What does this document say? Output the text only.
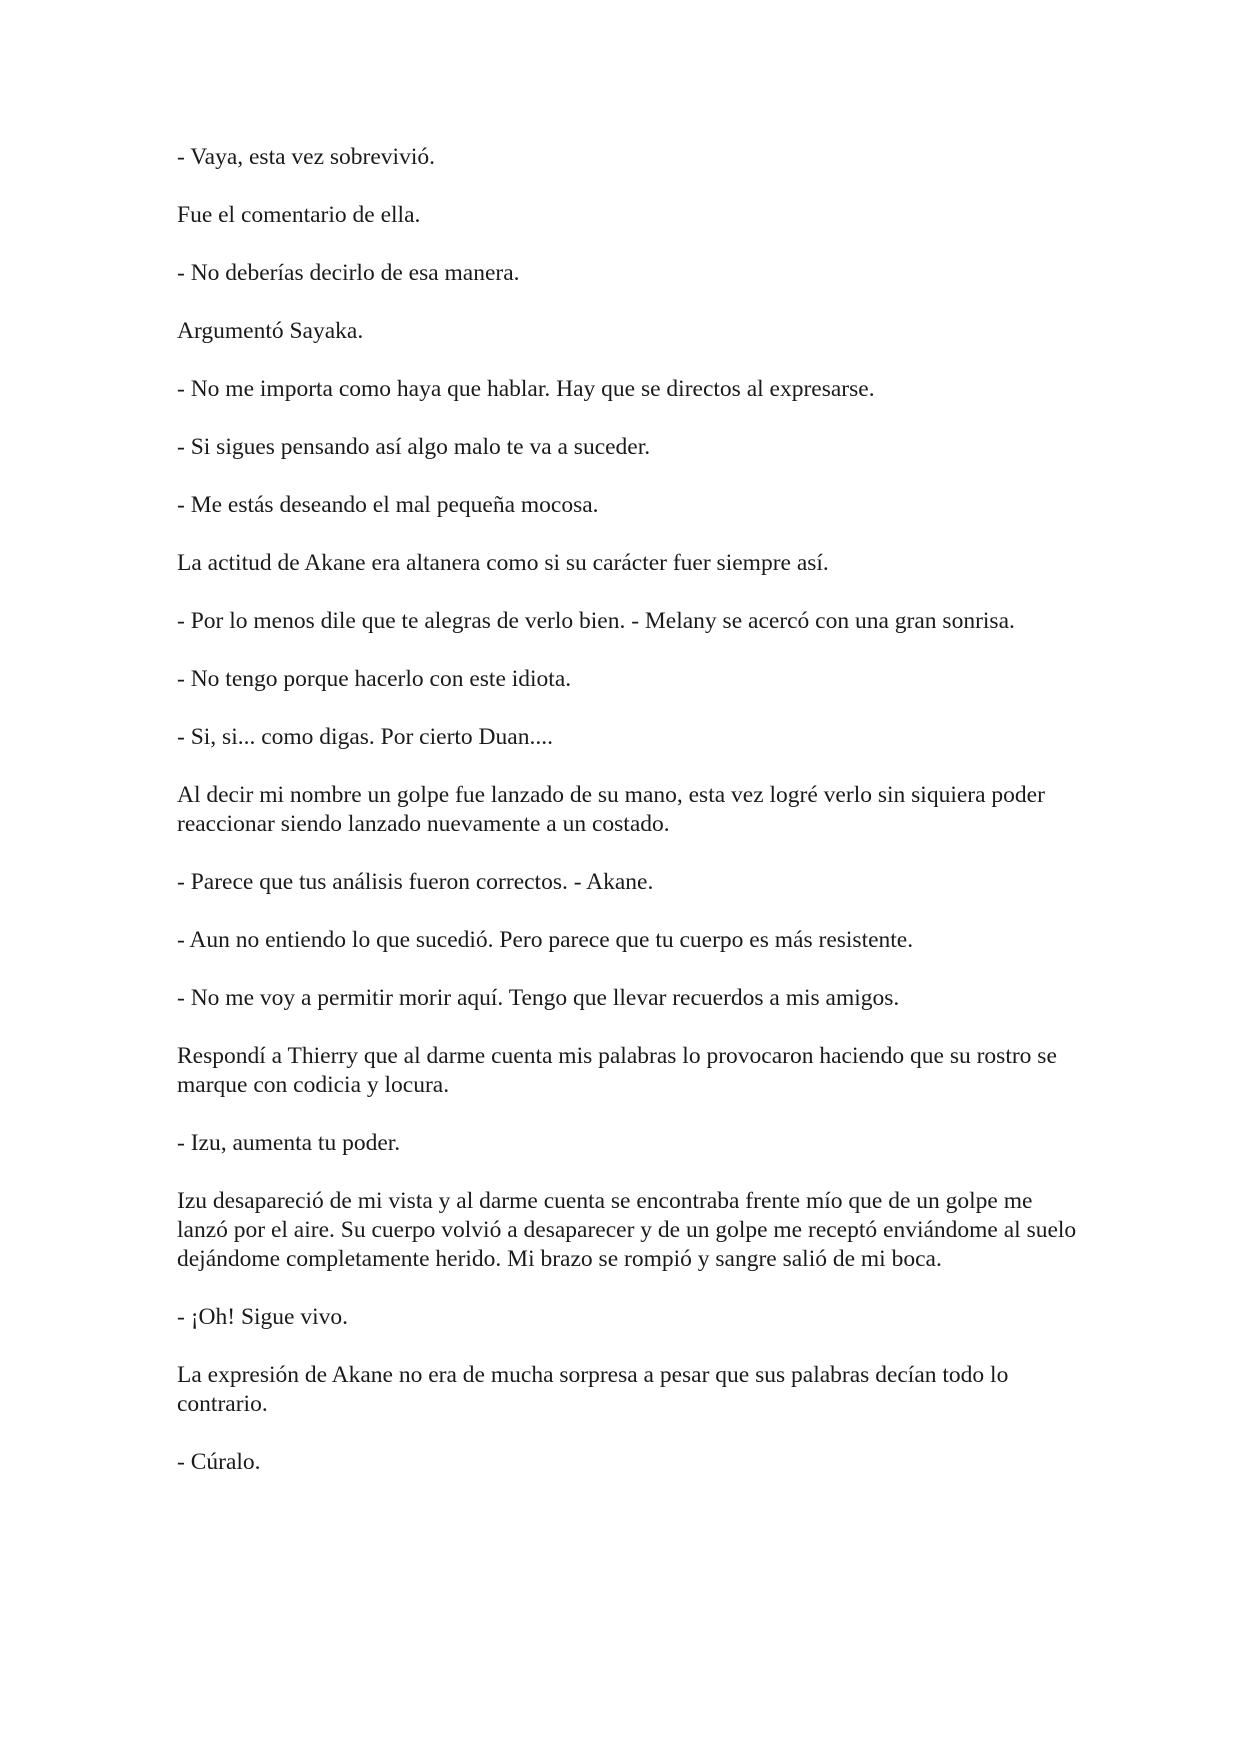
- Vaya, esta vez sobrevivió.

Fue el comentario de ella.

- No deberías decirlo de esa manera.

Argumentó Sayaka.

- No me importa como haya que hablar. Hay que se directos al expresarse.

- Si sigues pensando así algo malo te va a suceder.

- Me estás deseando el mal pequeña mocosa.

La actitud de Akane era altanera como si su carácter fuer siempre así.

- Por lo menos dile que te alegras de verlo bien. - Melany se acercó con una gran sonrisa.

- No tengo porque hacerlo con este idiota.

- Si, si... como digas. Por cierto Duan....

Al decir mi nombre un golpe fue lanzado de su mano, esta vez logré verlo sin siquiera poder reaccionar siendo lanzado nuevamente a un costado.

- Parece que tus análisis fueron correctos. - Akane.

- Aun no entiendo lo que sucedió. Pero parece que tu cuerpo es más resistente.

- No me voy a permitir morir aquí. Tengo que llevar recuerdos a mis amigos.

Respondí a Thierry que al darme cuenta mis palabras lo provocaron haciendo que su rostro se marque con codicia y locura.

- Izu, aumenta tu poder.

Izu desapareció de mi vista y al darme cuenta se encontraba frente mío que de un golpe me lanzó por el aire. Su cuerpo volvió a desaparecer y de un golpe me receptó enviándome al suelo dejándome completamente herido. Mi brazo se rompió y sangre salió de mi boca.

- ¡Oh! Sigue vivo.

La expresión de Akane no era de mucha sorpresa a pesar que sus palabras decían todo lo contrario.

- Cúralo.
